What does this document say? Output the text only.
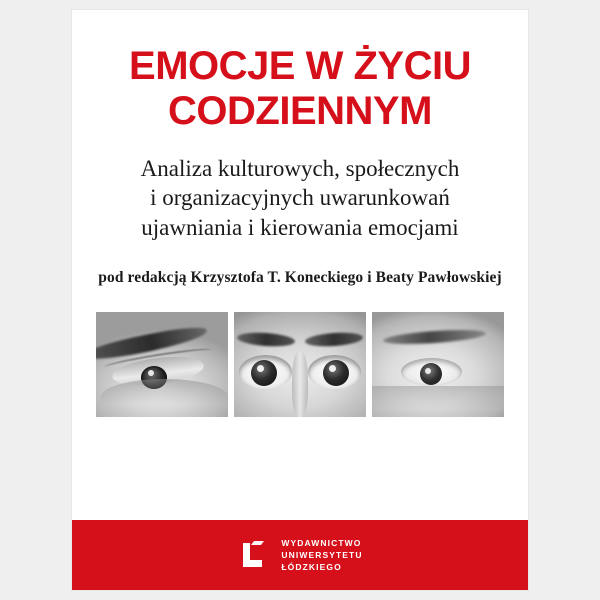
EMOCJE W ŻYCIU
CODZIENNYM
Analiza kulturowych, społecznych
i organizacyjnych uwarunkowań
ujawniania i kierowania emocjami
pod redakcją Krzysztofa T. Koneckiego i Beaty Pawłowskiej
WYDAWNICTWO
UNIWERSYTETU
ŁÓDZKIEGO
